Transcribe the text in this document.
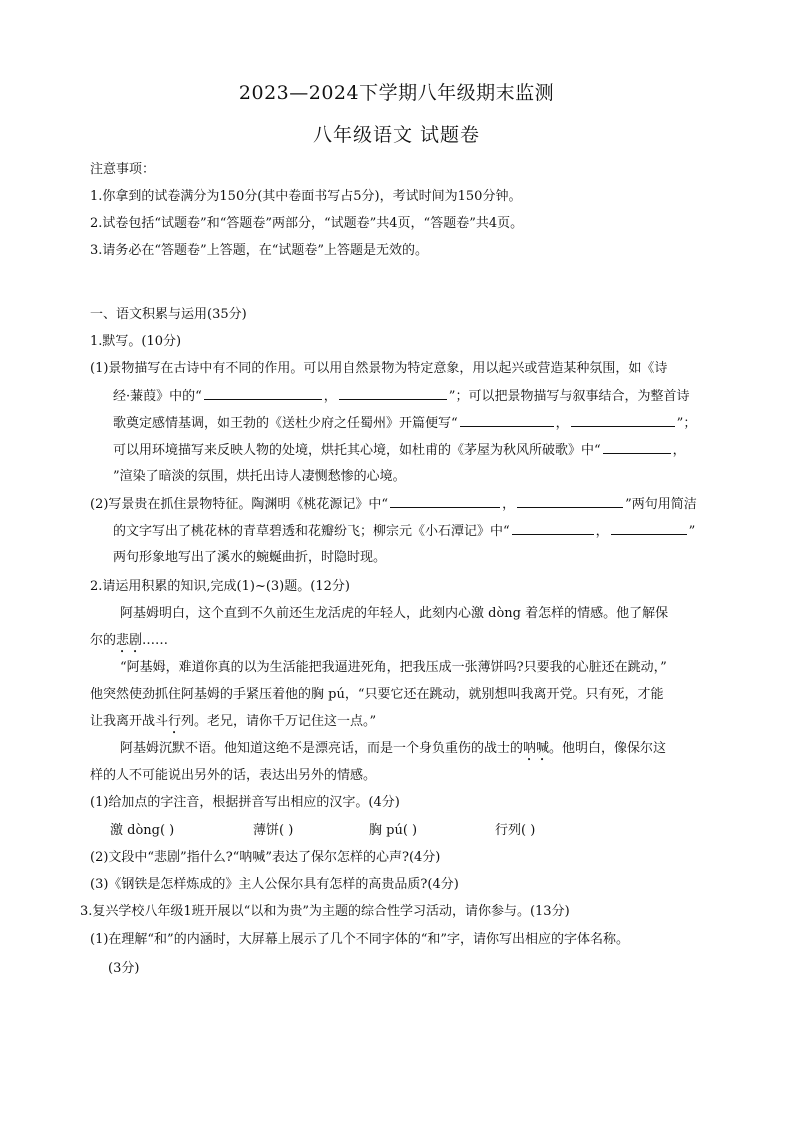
2023—2024下学期八年级期末监测
八年级语文 试题卷
注意事项：
1.你拿到的试卷满分为150分(其中卷面书写占5分)，考试时间为150分钟。
2.试卷包括“试题卷”和“答题卷”两部分，“试题卷”共4页，“答题卷”共4页。
3.请务必在“答题卷”上答题，在“试题卷”上答题是无效的。
一、语文积累与运用(35分)
1.默写。(10分)
(1)景物描写在古诗中有不同的作用。可以用自然景物为特定意象，用以起兴或营造某种氛围，如《诗
经·蒹葭》中的“	，	”；可以把景物描写与叙事结合，为整首诗
歌奠定感情基调，如王勃的《送杜少府之任蜀州》开篇便写“	，	”；
可以用环境描写来反映人物的处境，烘托其心境，如杜甫的《茅屋为秋风所破歌》中“	，
”渲染了暗淡的氛围，烘托出诗人凄恻愁惨的心境。
(2)写景贵在抓住景物特征。陶渊明《桃花源记》中“	，	”两句用简洁
的文字写出了桃花林的青草碧透和花瓣纷飞；柳宗元《小石潭记》中“	，	”
两句形象地写出了溪水的蜿蜒曲折，时隐时现。
2.请运用积累的知识,完成(1)~(3)题。(12分)
阿基姆明白，这个直到不久前还生龙活虎的年轻人，此刻内心激 dòng 着怎样的情感。他了解保
尔的悲剧……
“阿基姆，难道你真的以为生活能把我逼进死角，把我压成一张薄饼吗?只要我的心脏还在跳动，”
他突然使劲抓住阿基姆的手紧压着他的胸 pú，“只要它还在跳动，就别想叫我离开党。只有死，才能
让我离开战斗行列。老兄，请你千万记住这一点。”
阿基姆沉默不语。他知道这绝不是漂亮话，而是一个身负重伤的战士的呐喊。他明白，像保尔这
样的人不可能说出另外的话，表达出另外的情感。
(1)给加点的字注音，根据拼音写出相应的汉字。(4分)
激 dòng( )	薄饼( )	胸 pú( )	行列( )
(2)文段中“悲剧”指什么?“呐喊”表达了保尔怎样的心声?(4分)
(3)《钢铁是怎样炼成的》主人公保尔具有怎样的高贵品质?(4分)
3.复兴学校八年级1班开展以“以和为贵”为主题的综合性学习活动，请你参与。(13分)
(1)在理解“和”的内涵时，大屏幕上展示了几个不同字体的“和”字，请你写出相应的字体名称。
(3分)
